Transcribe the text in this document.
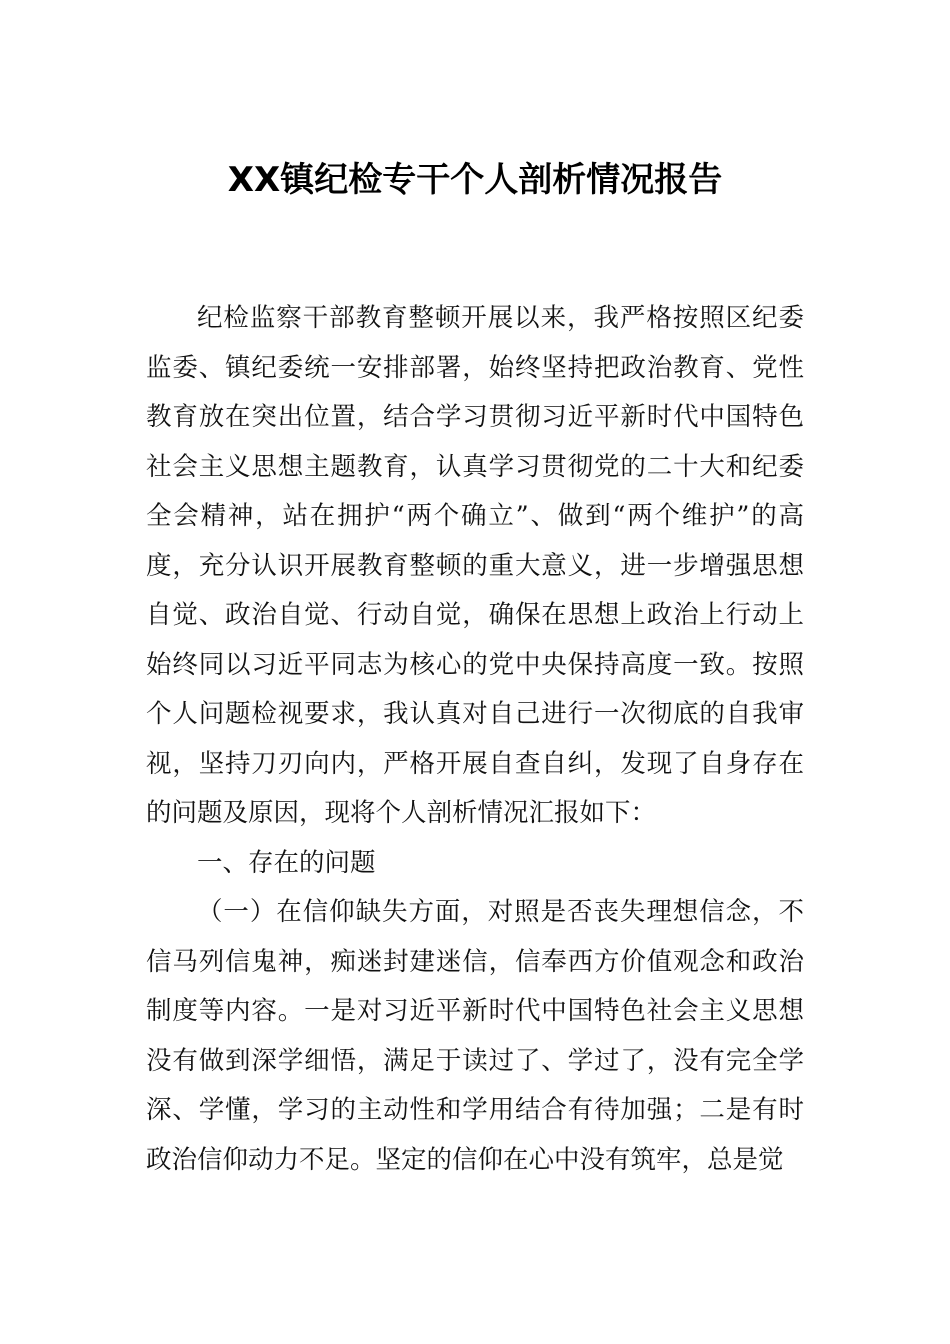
XX镇纪检专干个人剖析情况报告

纪检监察干部教育整顿开展以来，我严格按照区纪委监委、镇纪委统一安排部署，始终坚持把政治教育、党性教育放在突出位置，结合学习贯彻习近平新时代中国特色社会主义思想主题教育，认真学习贯彻党的二十大和纪委全会精神，站在拥护“两个确立”、做到“两个维护”的高度，充分认识开展教育整顿的重大意义，进一步增强思想自觉、政治自觉、行动自觉，确保在思想上政治上行动上始终同以习近平同志为核心的党中央保持高度一致。按照个人问题检视要求，我认真对自己进行一次彻底的自我审视，坚持刀刃向内，严格开展自查自纠，发现了自身存在的问题及原因，现将个人剖析情况汇报如下：

一、存在的问题

（一）在信仰缺失方面，对照是否丧失理想信念，不信马列信鬼神，痴迷封建迷信，信奉西方价值观念和政治制度等内容。一是对习近平新时代中国特色社会主义思想没有做到深学细悟，满足于读过了、学过了，没有完全学深、学懂，学习的主动性和学用结合有待加强；二是有时政治信仰动力不足。坚定的信仰在心中没有筑牢，总是觉
